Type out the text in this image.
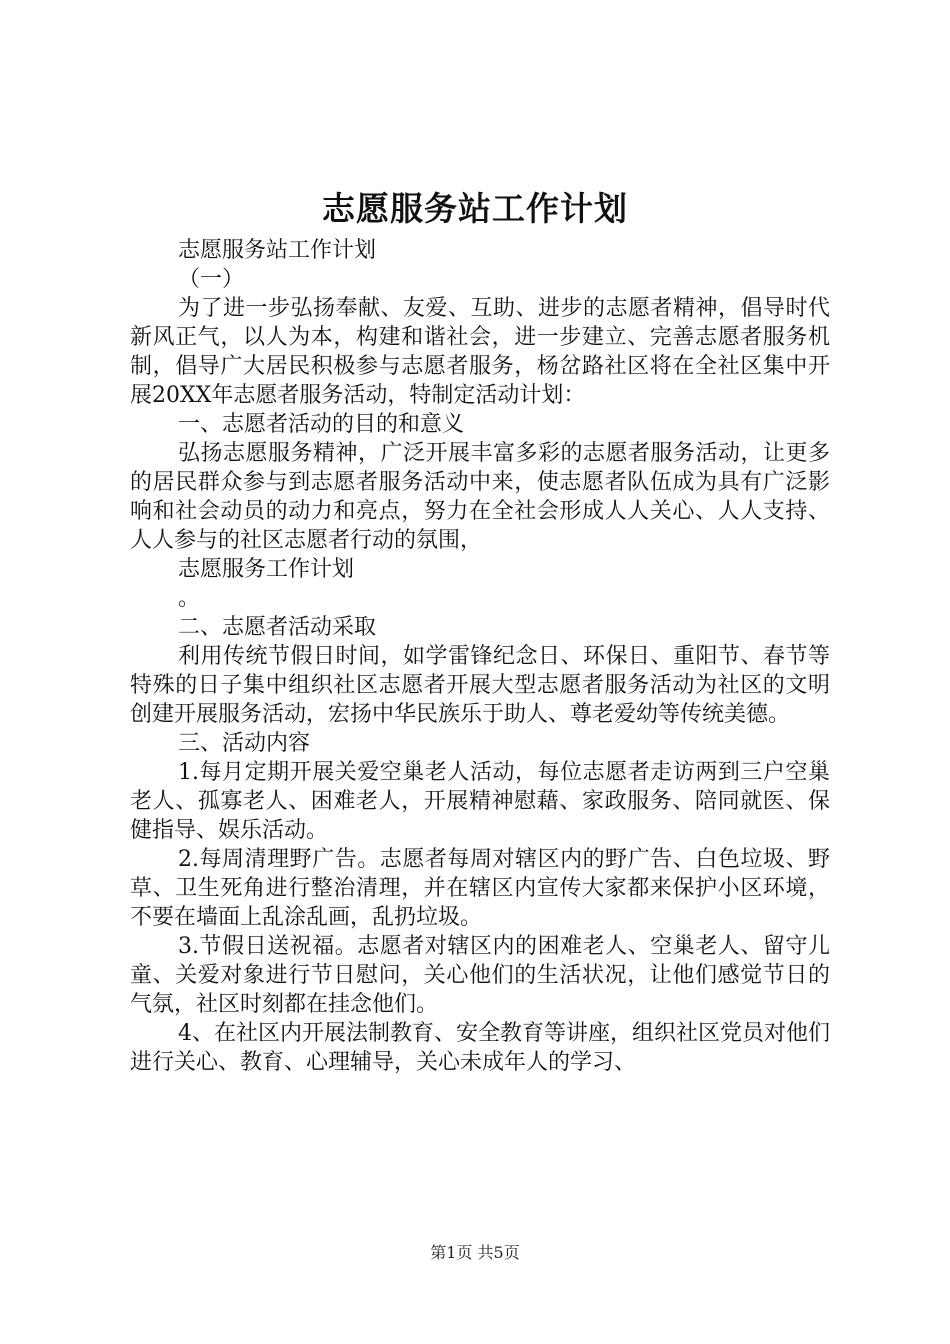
志愿服务站工作计划

志愿服务站工作计划

（一）

为了进一步弘扬奉献、友爱、互助、进步的志愿者精神，倡导时代新风正气，以人为本，构建和谐社会，进一步建立、完善志愿者服务机制，倡导广大居民积极参与志愿者服务，杨岔路社区将在全社区集中开展20XX年志愿者服务活动，特制定活动计划：

一、志愿者活动的目的和意义

弘扬志愿服务精神，广泛开展丰富多彩的志愿者服务活动，让更多的居民群众参与到志愿者服务活动中来，使志愿者队伍成为具有广泛影响和社会动员的动力和亮点，努力在全社会形成人人关心、人人支持、人人参与的社区志愿者行动的氛围，

志愿服务工作计划

。

二、志愿者活动采取

利用传统节假日时间，如学雷锋纪念日、环保日、重阳节、春节等特殊的日子集中组织社区志愿者开展大型志愿者服务活动为社区的文明创建开展服务活动，宏扬中华民族乐于助人、尊老爱幼等传统美德。

三、活动内容

1.每月定期开展关爱空巢老人活动，每位志愿者走访两到三户空巢老人、孤寡老人、困难老人，开展精神慰藉、家政服务、陪同就医、保健指导、娱乐活动。

2.每周清理野广告。志愿者每周对辖区内的野广告、白色垃圾、野草、卫生死角进行整治清理，并在辖区内宣传大家都来保护小区环境，不要在墙面上乱涂乱画，乱扔垃圾。

3.节假日送祝福。志愿者对辖区内的困难老人、空巢老人、留守儿童、关爱对象进行节日慰问，关心他们的生活状况，让他们感觉节日的气氛，社区时刻都在挂念他们。

4、在社区内开展法制教育、安全教育等讲座，组织社区党员对他们进行关心、教育、心理辅导，关心未成年人的学习、

第1页 共5页
